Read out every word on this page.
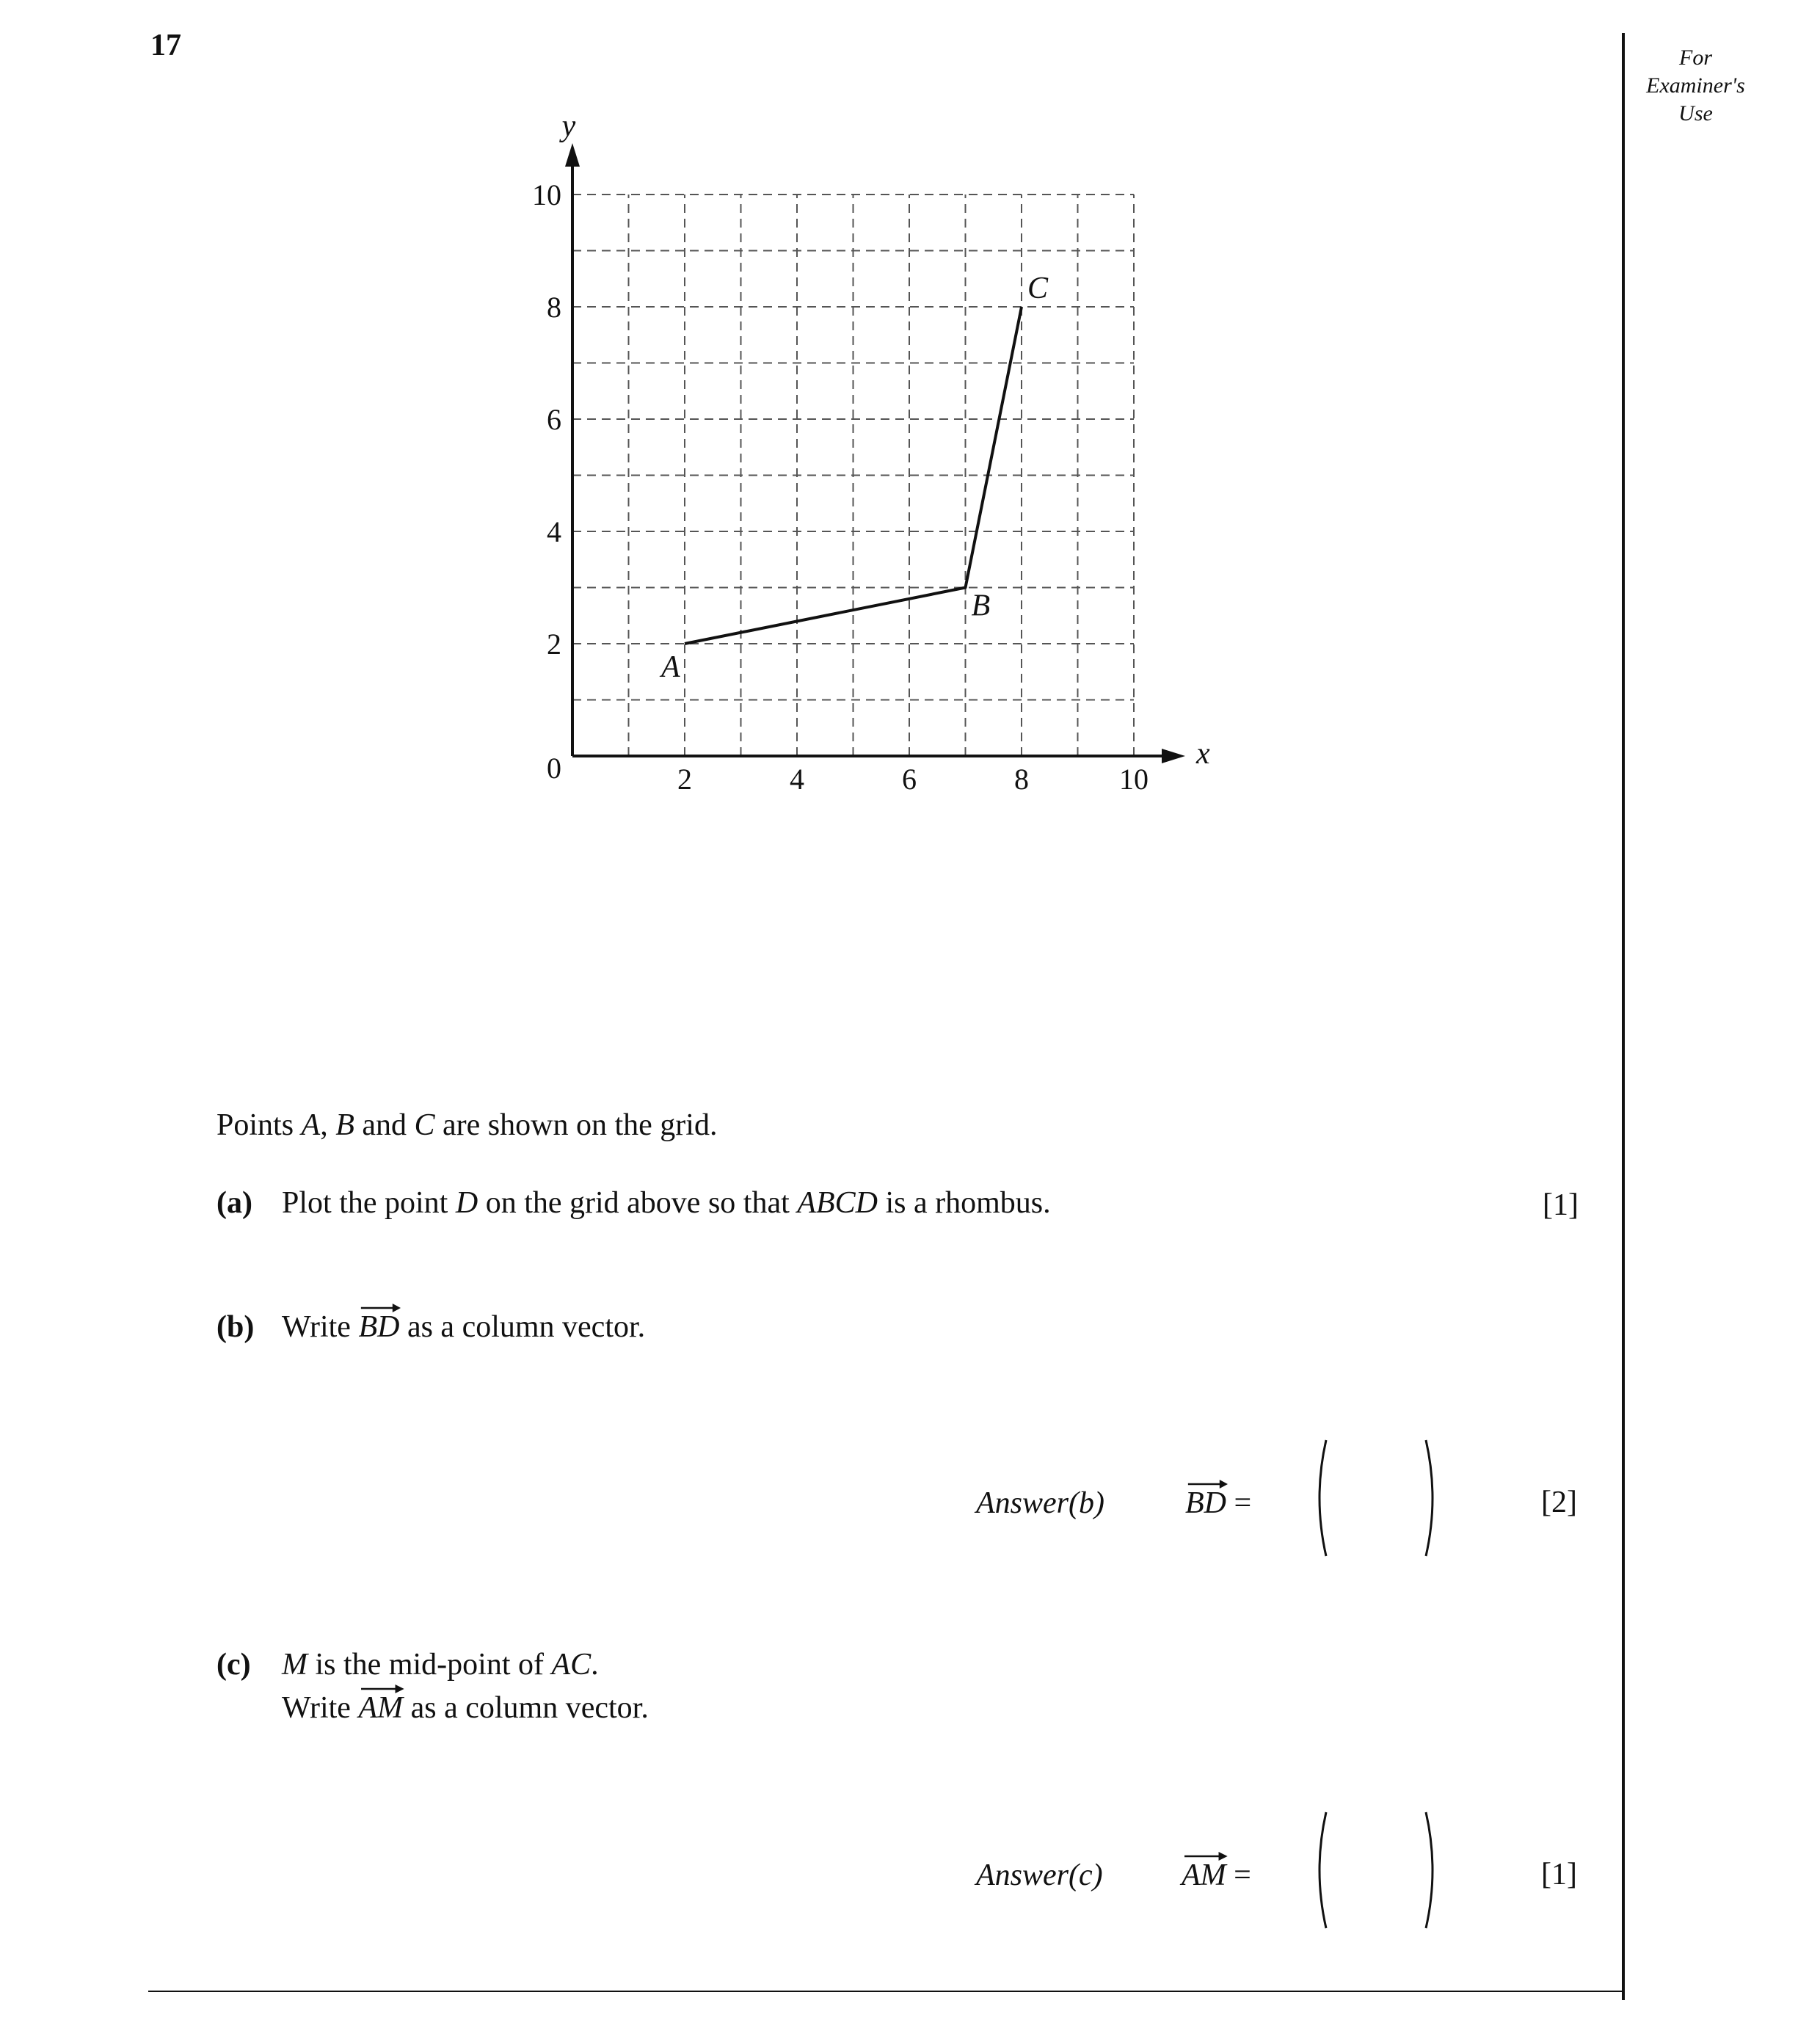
17	For
Examiner's
Use
2	4	6	8	10
2
4
6
8
10
0	x
y
A
B
C
Points A, B and C are shown on the grid.
(a) Plot the point D on the grid above so that ABCD is a rhombus.	[1]
(b) Write
BD as a column vector.
Answer(b)	BD =	[2]
(c) M is the mid-point of AC.
Write
AM as a column vector.
Answer(c)	AM =	[1]
